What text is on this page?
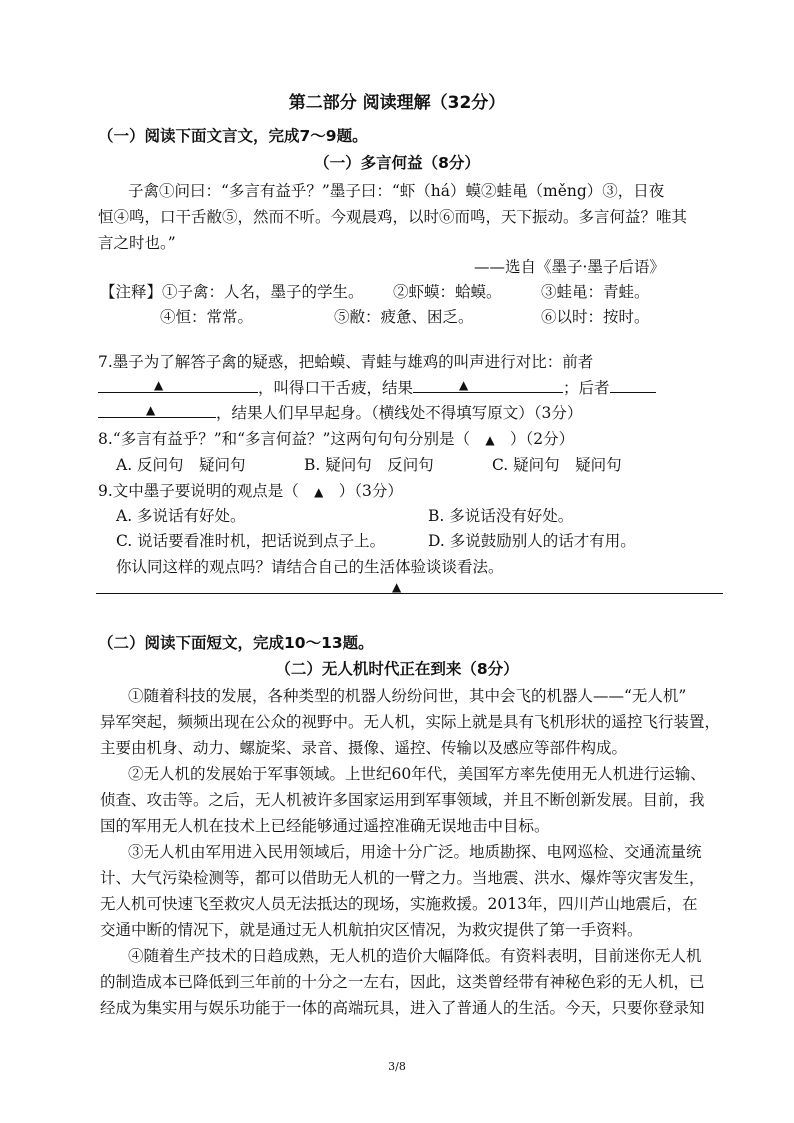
第二部分 阅读理解（32分）
（一）阅读下面文言文，完成7～9题。
（一）多言何益（8分）
子禽①问曰：“多言有益乎？”墨子曰：“虾（há）蟆②蛙黾（měng）③，日夜
恒④鸣，口干舌敝⑤，然而不听。今观晨鸡，以时⑥而鸣，天下振动。多言何益？唯其
言之时也。”
——选自《墨子·墨子后语》
【注释】①子禽：人名，墨子的学生。 ②虾蟆：蛤蟆。	③蛙黾：青蛙。
④恒：常常。	⑤敝：疲惫、困乏。	⑥以时：按时。
7.墨子为了解答子禽的疑惑，把蛤蟆、青蛙与雄鸡的叫声进行对比：前者
▲	，叫得口干舌疲，结果	▲	；后者
▲	，结果人们早早起身。（横线处不得填写原文）（3分）
8.“多言有益乎？”和“多言何益？”这两句句句分别是（ ▲ ）（2分）
A. 反问句　疑问句	B. 疑问句　反问句	C. 疑问句　疑问句
9.文中墨子要说明的观点是（ ▲ ）（3分）
A. 多说话有好处。	B. 多说话没有好处。
C. 说话要看准时机，把话说到点子上。	D. 多说鼓励别人的话才有用。
你认同这样的观点吗？请结合自己的生活体验谈谈看法。
▲
（二）阅读下面短文，完成10～13题。
（二）无人机时代正在到来（8分）
①随着科技的发展，各种类型的机器人纷纷问世，其中会飞的机器人——“无人机”
异军突起，频频出现在公众的视野中。无人机，实际上就是具有飞机形状的遥控飞行装置，
主要由机身、动力、螺旋桨、录音、摄像、遥控、传输以及感应等部件构成。
②无人机的发展始于军事领域。上世纪60年代，美国军方率先使用无人机进行运输、
侦查、攻击等。之后，无人机被许多国家运用到军事领域，并且不断创新发展。目前，我
国的军用无人机在技术上已经能够通过遥控准确无误地击中目标。
③无人机由军用进入民用领域后，用途十分广泛。地质勘探、电网巡检、交通流量统
计、大气污染检测等，都可以借助无人机的一臂之力。当地震、洪水、爆炸等灾害发生，
无人机可快速飞至救灾人员无法抵达的现场，实施救援。2013年，四川芦山地震后，在
交通中断的情况下，就是通过无人机航拍灾区情况，为救灾提供了第一手资料。
④随着生产技术的日趋成熟，无人机的造价大幅降低。有资料表明，目前迷你无人机
的制造成本已降低到三年前的十分之一左右，因此，这类曾经带有神秘色彩的无人机，已
经成为集实用与娱乐功能于一体的高端玩具，进入了普通人的生活。今天，只要你登录知
3/8
